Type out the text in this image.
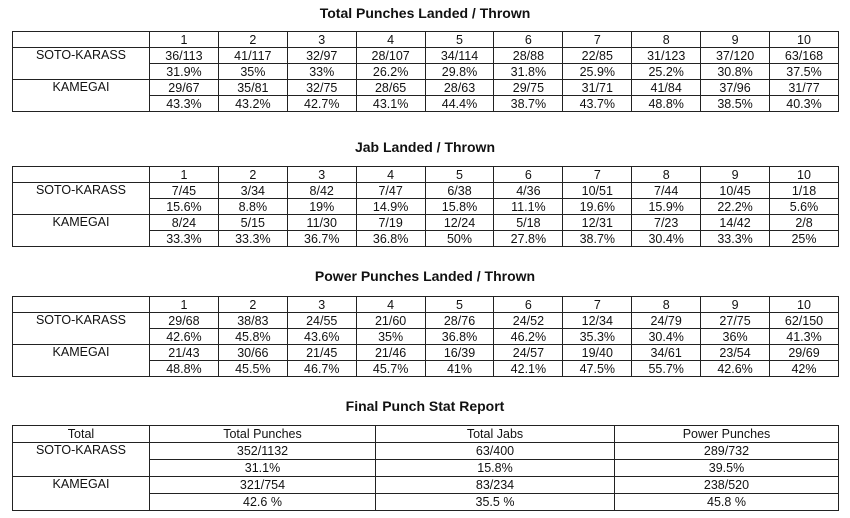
Total Punches Landed / Thrown
	1	2	3	4	5	6	7	8	9	10
SOTO-KARASS	36/113	41/117	32/97	28/107	34/114	28/88	22/85	31/123	37/120	63/168
	31.9%	35%	33%	26.2%	29.8%	31.8%	25.9%	25.2%	30.8%	37.5%
KAMEGAI	29/67	35/81	32/75	28/65	28/63	29/75	31/71	41/84	37/96	31/77
	43.3%	43.2%	42.7%	43.1%	44.4%	38.7%	43.7%	48.8%	38.5%	40.3%
Jab Landed / Thrown
	1	2	3	4	5	6	7	8	9	10
SOTO-KARASS	7/45	3/34	8/42	7/47	6/38	4/36	10/51	7/44	10/45	1/18
	15.6%	8.8%	19%	14.9%	15.8%	11.1%	19.6%	15.9%	22.2%	5.6%
KAMEGAI	8/24	5/15	11/30	7/19	12/24	5/18	12/31	7/23	14/42	2/8
	33.3%	33.3%	36.7%	36.8%	50%	27.8%	38.7%	30.4%	33.3%	25%
Power Punches Landed / Thrown
	1	2	3	4	5	6	7	8	9	10
SOTO-KARASS	29/68	38/83	24/55	21/60	28/76	24/52	12/34	24/79	27/75	62/150
	42.6%	45.8%	43.6%	35%	36.8%	46.2%	35.3%	30.4%	36%	41.3%
KAMEGAI	21/43	30/66	21/45	21/46	16/39	24/57	19/40	34/61	23/54	29/69
	48.8%	45.5%	46.7%	45.7%	41%	42.1%	47.5%	55.7%	42.6%	42%
Final Punch Stat Report
Total	Total Punches	Total Jabs	Power Punches
SOTO-KARASS	352/1132	63/400	289/732
	31.1%	15.8%	39.5%
KAMEGAI	321/754	83/234	238/520
	42.6 %	35.5 %	45.8 %
